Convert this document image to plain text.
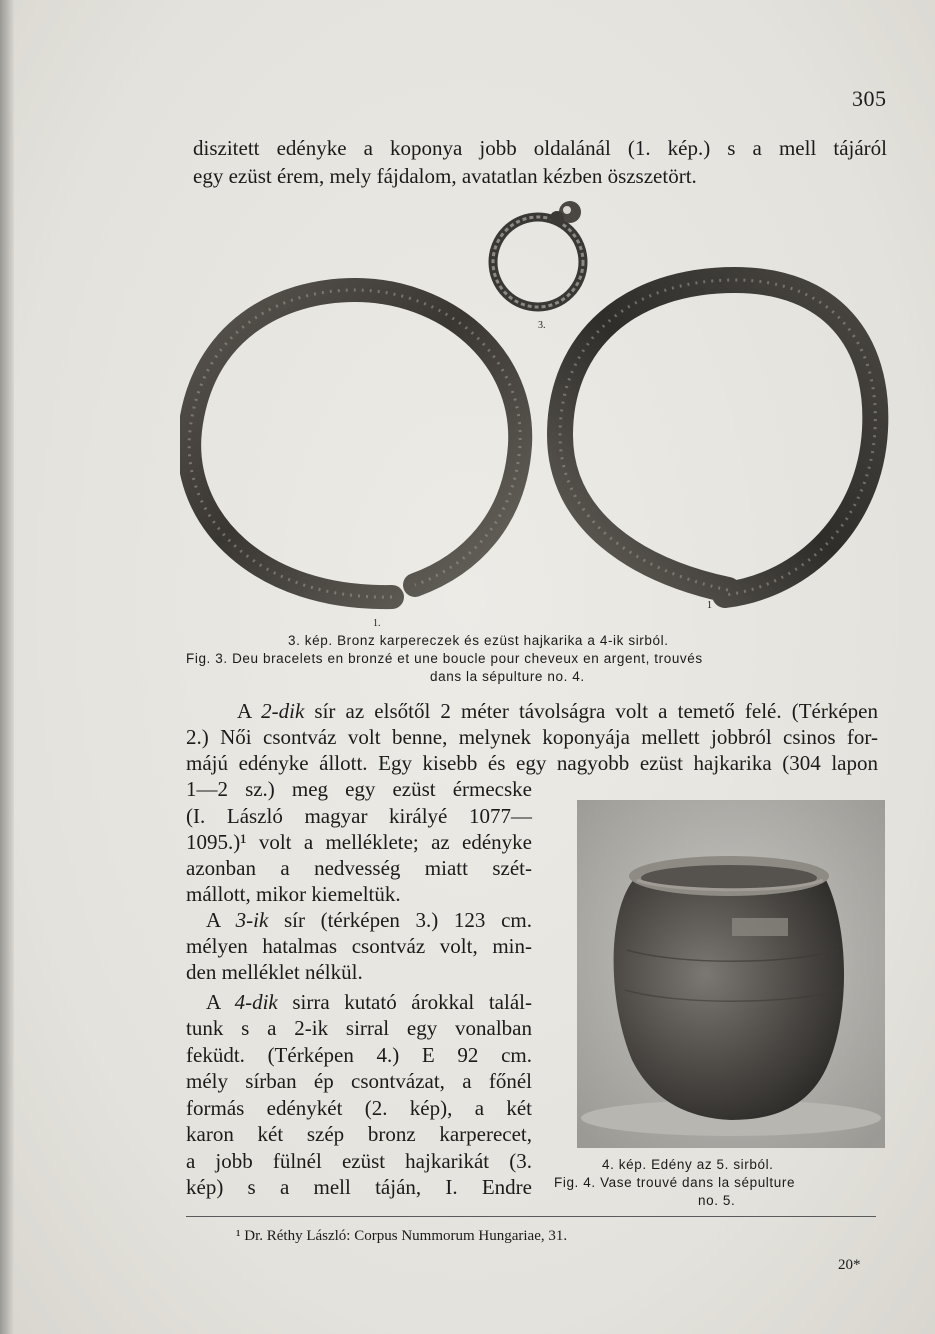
305
diszitett edényke a koponya jobb oldalánál (1. kép.) s a mell tájáról
egy ezüst érem, mely fájdalom, avatatlan kézben öszszetört.
3.
1.
1
3. kép. Bronz karpereczek és ezüst hajkarika a 4-ik sirból.
Fig. 3. Deu bracelets en bronzé et une boucle pour cheveux en argent, trouvés
dans la sépulture no. 4.
A 2-dik sír az elsőtől 2 méter távolságra volt a temető felé. (Térképen
2.) Női csontváz volt benne, melynek koponyája mellett jobbról csinos for-
májú edényke állott. Egy kisebb és egy nagyobb ezüst hajkarika (304 lapon
1—2 sz.) meg egy ezüst érmecske
(I. László magyar királyé 1077—
1095.)¹ volt a melléklete; az edényke
azonban a nedvesség miatt szét-
mállott, mikor kiemeltük.
A 3-ik sír (térképen 3.) 123 cm.
mélyen hatalmas csontváz volt, min-
den melléklet nélkül.
A 4-dik sirra kutató árokkal talál-
tunk s a 2-ik sirral egy vonalban
feküdt. (Térképen 4.) E 92 cm.
mély sírban ép csontvázat, a főnél
formás edénykét (2. kép), a két
karon két szép bronz karperecet,
a jobb fülnél ezüst hajkarikát (3.
kép) s a mell táján, I. Endre
4. kép. Edény az 5. sirból.
Fig. 4. Vase trouvé dans la sépulture
no. 5.
¹ Dr. Réthy László: Corpus Nummorum Hungariae, 31.
20*
